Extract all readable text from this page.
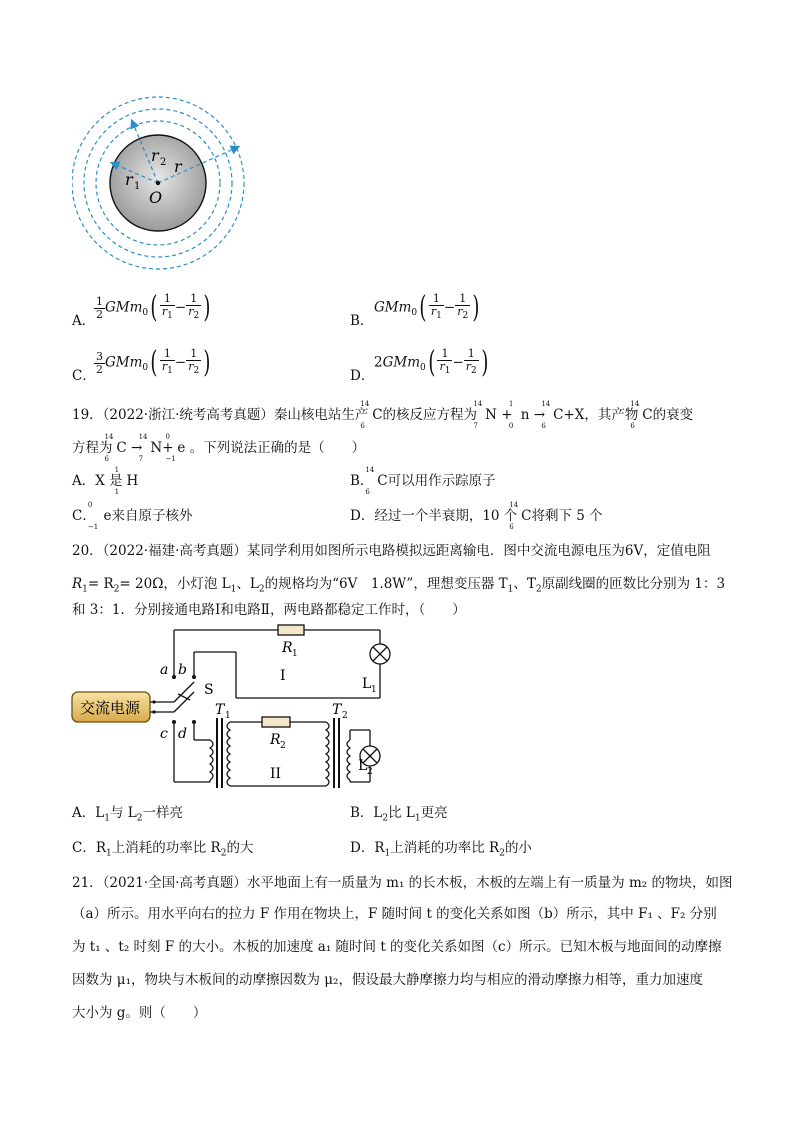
r 2 r
r 1
O
A．
$\frac{1}{2} GMm_0( \frac{1}{r_1} - \frac{1}{r_2}$ )	B．
$GMm_0( \frac{1}{r_1} - \frac{1}{r_2}$ )
C．
$\frac{3}{2} GMm_0( \frac{1}{r_1} - \frac{1}{r_2}$ )	D．
$2GMm_0( \frac{1}{r_1} - \frac{1}{r_2}$ )
19．（2022·浙江·统考高考真题）秦山核电站生产
14
6
C的核反应方程为
14
7
N +
1
0
n →
14
6
C+X，其产物
14
6
C的衰变
方程为
14
6
C →
14
7
N+
0
−1
e 。下列说法正确的是（　　）
A．X 是
1
1
H	B．
14
6
C可以用作示踪原子
C．
0
−1
e来自原子核外	D．经过一个半衰期，10 个
14
6
C将剩下 5 个
20．（2022·福建·高考真题）某同学利用如图所示电路模拟远距离输电．图中交流电源电压为6V，定值电阻
$R_1= R_2= 20\Omega$，小灯泡 $L_1$、$L_2$的规格均为“6V　1.8W”，理想变压器 $T_1$、$T_2$原副线圈的匝数比分别为 1：3
和 3：1．分别接通电路Ⅰ和电路Ⅱ，两电路都稳定工作时，（　　）
交流电源
a b
c d
S
R 1
I	L 1
T 1
R 2
II
T 2
L 2
A．$L_1$与 $L_2$一样亮	B．$L_2$比 $L_1$更亮
C．$R_1$上消耗的功率比 $R_2$的大	D．$R_1$上消耗的功率比 $R_2$的小
21．（2021·全国·高考真题）水平地面上有一质量为 m₁ 的长木板，木板的左端上有一质量为 m₂ 的物块，如图
（a）所示。用水平向右的拉力 F 作用在物块上，F 随时间 t 的变化关系如图（b）所示，其中 F₁ 、F₂ 分别
为 t₁ 、t₂ 时刻 F 的大小。木板的加速度 a₁ 随时间 t 的变化关系如图（c）所示。已知木板与地面间的动摩擦
因数为 μ₁，物块与木板间的动摩擦因数为 μ₂，假设最大静摩擦力均与相应的滑动摩擦力相等，重力加速度
大小为 g。则（　　）
